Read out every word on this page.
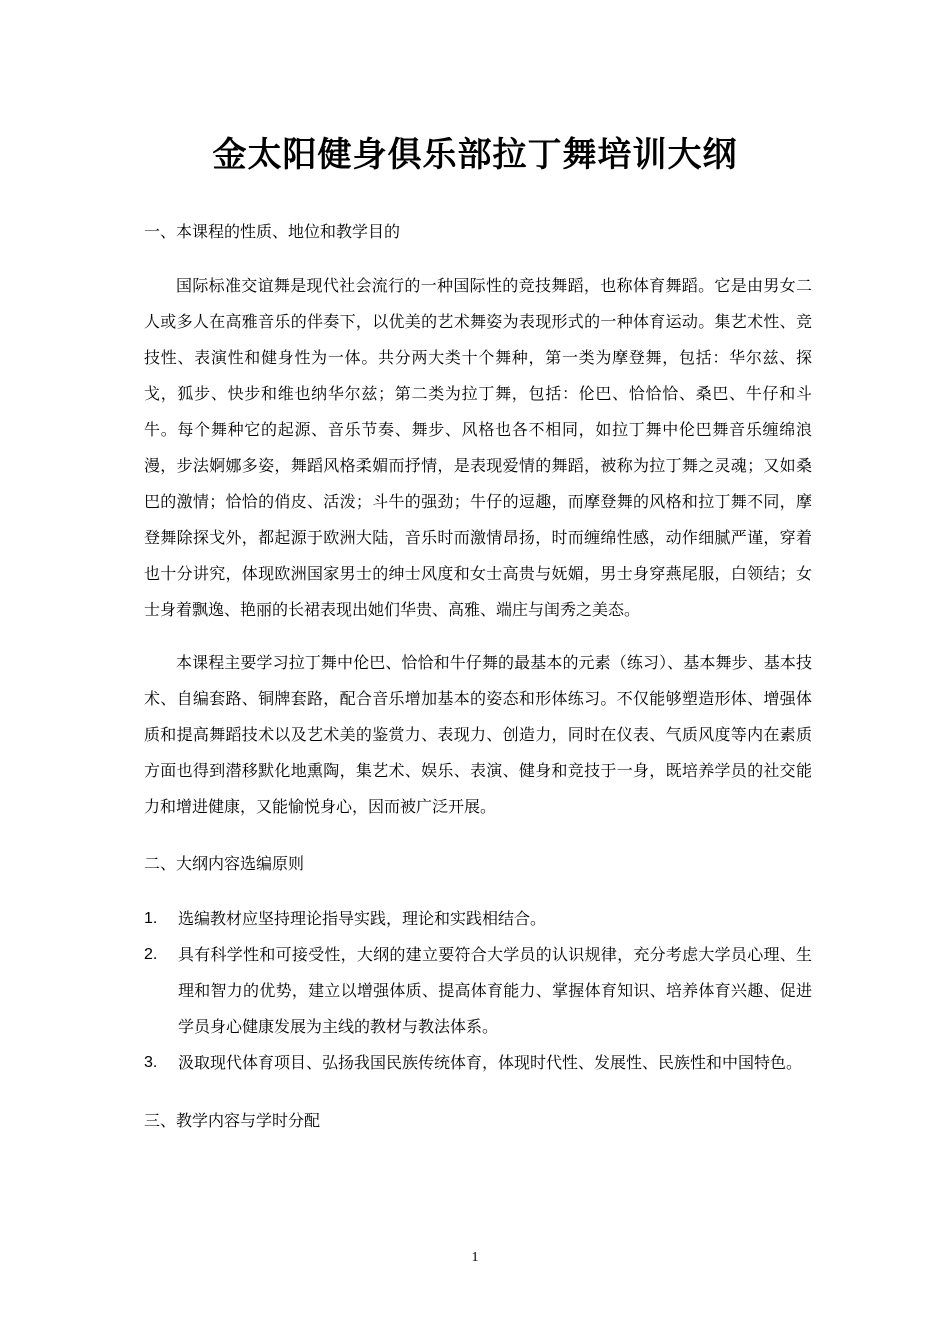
金太阳健身俱乐部拉丁舞培训大纲

一、本课程的性质、地位和教学目的

国际标准交谊舞是现代社会流行的一种国际性的竞技舞蹈，也称体育舞蹈。它是由男女二人或多人在高雅音乐的伴奏下，以优美的艺术舞姿为表现形式的一种体育运动。集艺术性、竞技性、表演性和健身性为一体。共分两大类十个舞种，第一类为摩登舞，包括：华尔兹、探戈，狐步、快步和维也纳华尔兹；第二类为拉丁舞，包括：伦巴、恰恰恰、桑巴、牛仔和斗牛。每个舞种它的起源、音乐节奏、舞步、风格也各不相同，如拉丁舞中伦巴舞音乐缠绵浪漫，步法婀娜多姿，舞蹈风格柔媚而抒情，是表现爱情的舞蹈，被称为拉丁舞之灵魂；又如桑巴的激情；恰恰的俏皮、活泼；斗牛的强劲；牛仔的逗趣，而摩登舞的风格和拉丁舞不同，摩登舞除探戈外，都起源于欧洲大陆，音乐时而激情昂扬，时而缠绵性感，动作细腻严谨，穿着也十分讲究，体现欧洲国家男士的绅士风度和女士高贵与妩媚，男士身穿燕尾服，白领结；女士身着飘逸、艳丽的长裙表现出她们华贵、高雅、端庄与闺秀之美态。

本课程主要学习拉丁舞中伦巴、恰恰和牛仔舞的最基本的元素（练习）、基本舞步、基本技术、自编套路、铜牌套路，配合音乐增加基本的姿态和形体练习。不仅能够塑造形体、增强体质和提高舞蹈技术以及艺术美的鉴赏力、表现力、创造力，同时在仪表、气质风度等内在素质方面也得到潜移默化地熏陶，集艺术、娱乐、表演、健身和竞技于一身，既培养学员的社交能力和增进健康，又能愉悦身心，因而被广泛开展。

二、大纲内容选编原则

1. 选编教材应坚持理论指导实践，理论和实践相结合。
2. 具有科学性和可接受性，大纲的建立要符合大学员的认识规律，充分考虑大学员心理、生理和智力的优势，建立以增强体质、提高体育能力、掌握体育知识、培养体育兴趣、促进学员身心健康发展为主线的教材与教法体系。
3. 汲取现代体育项目、弘扬我国民族传统体育，体现时代性、发展性、民族性和中国特色。

三、教学内容与学时分配

1
